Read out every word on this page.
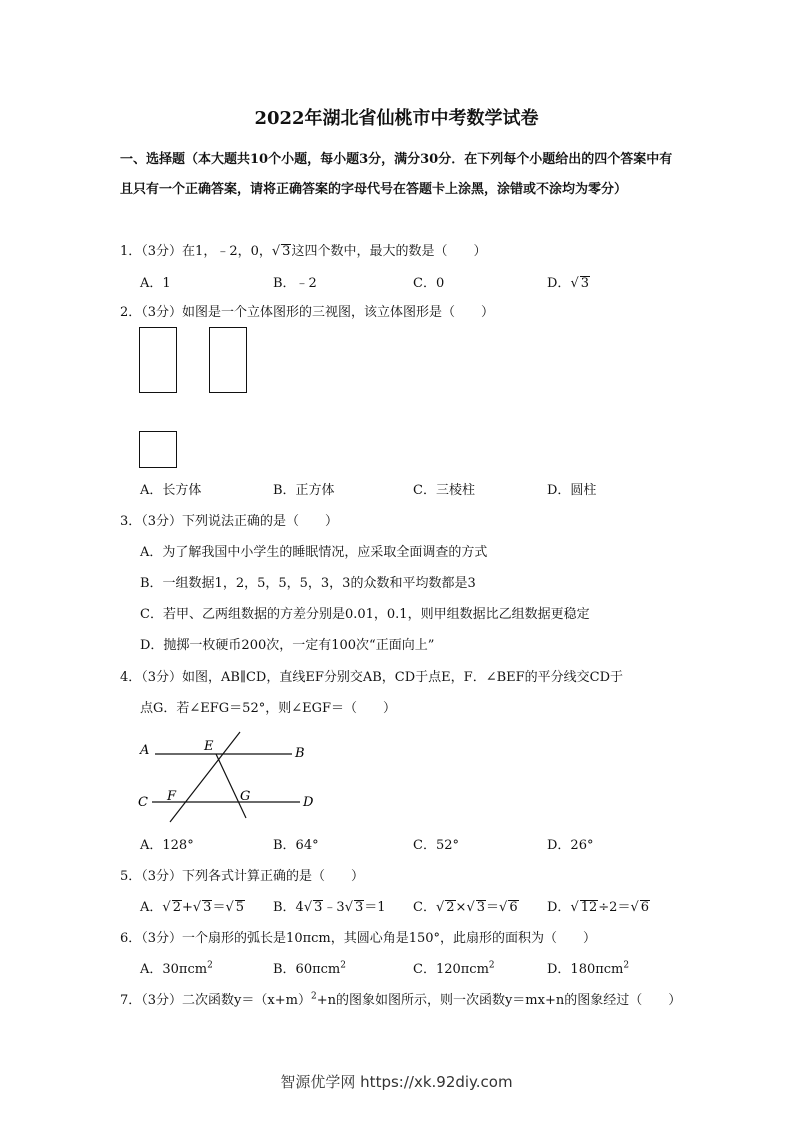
2022年湖北省仙桃市中考数学试卷
一、选择题（本大题共10个小题，每小题3分，满分30分．在下列每个小题给出的四个答案中有且只有一个正确答案，请将正确答案的字母代号在答题卡上涂黑，涂错或不涂均为零分）
1．（3分）在1，﹣2，0，√ 3这四个数中，最大的数是（　　）
A．1	B．﹣2	C．0	D．√ 3
2．（3分）如图是一个立体图形的三视图，该立体图形是（　　）
A．长方体	B．正方体	C．三棱柱	D．圆柱
3．（3分）下列说法正确的是（　　）
A．为了解我国中小学生的睡眠情况，应采取全面调查的方式
B．一组数据1，2，5，5，5，3，3的众数和平均数都是3
C．若甲、乙两组数据的方差分别是0.01，0.1，则甲组数据比乙组数据更稳定
D．抛掷一枚硬币200次，一定有100次“正面向上”
4．（3分）如图，AB∥CD，直线EF分别交AB，CD于点E，F．∠BEF的平分线交CD于
点G．若∠EFG＝52°，则∠EGF＝（　　）
A	B
C	D
E
F	G
A．128°	B．64°	C．52°	D．26°
5．（3分）下列各式计算正确的是（　　）
A．√ 2+√ 3＝√ 5 B．4√ 3﹣3√ 3＝1 C．√ 2×√ 3＝√ 6 D．√ 12÷2＝√ 6
6．（3分）一个扇形的弧长是10πcm，其圆心角是150°，此扇形的面积为（　　）
A．30πcm$^2$	B．60πcm$^2$	C．120πcm$^2$	D．180πcm$^2$
7．（3分）二次函数$y=(x+m)^2+n$的图象如图所示，则一次函数y＝mx+n的图象经过（　　）
智源优学网 https://xk.92diy.com
